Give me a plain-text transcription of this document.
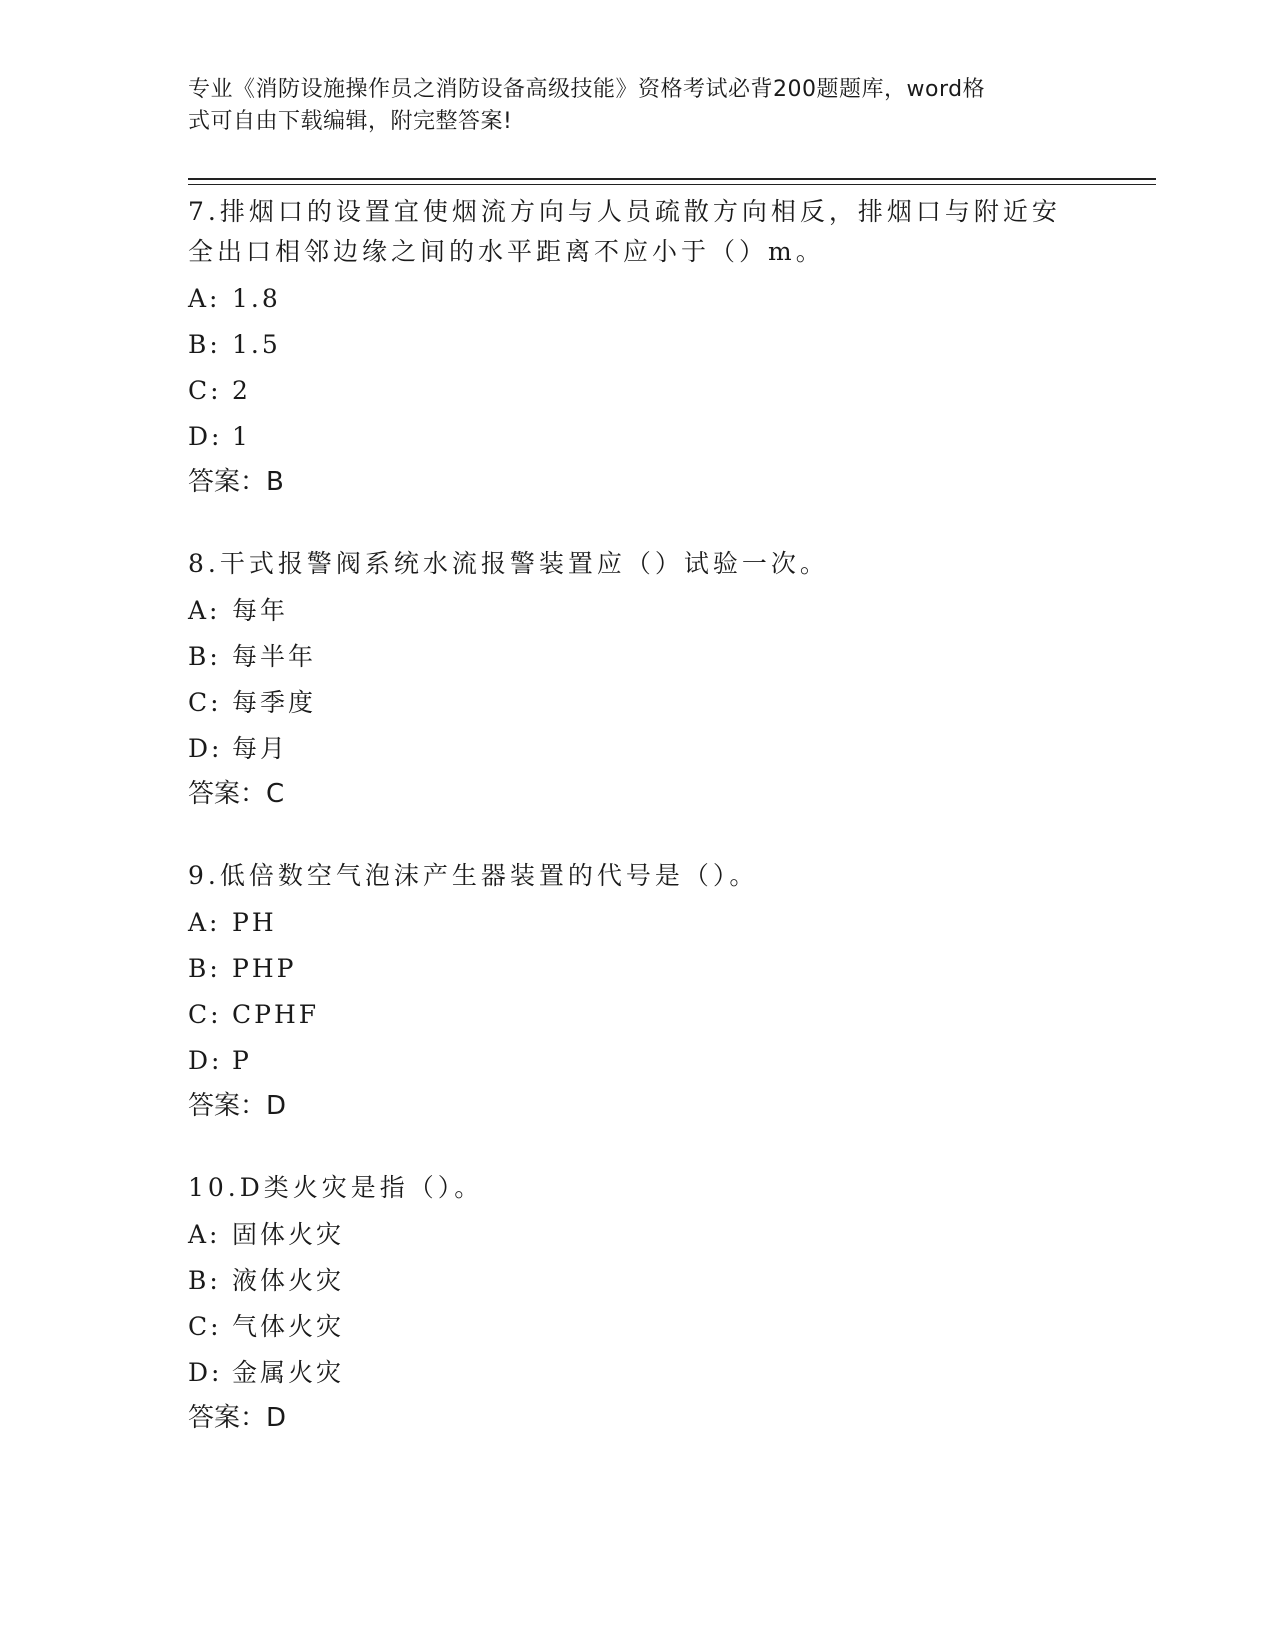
专业《消防设施操作员之消防设备高级技能》资格考试必背200题题库，word格
式可自由下载编辑，附完整答案!
7.排烟口的设置宜使烟流方向与人员疏散方向相反，排烟口与附近安全出口相邻边缘之间的水平距离不应小于（）m。
A: 1.8
B: 1.5
C: 2
D: 1
答案：B
8.干式报警阀系统水流报警装置应（）试验一次。
A: 每年
B: 每半年
C: 每季度
D: 每月
答案：C
9.低倍数空气泡沫产生器装置的代号是（）。
A: PH
B: PHP
C: CPHF
D: P
答案：D
10.D类火灾是指（）。
A: 固体火灾
B: 液体火灾
C: 气体火灾
D: 金属火灾
答案：D
